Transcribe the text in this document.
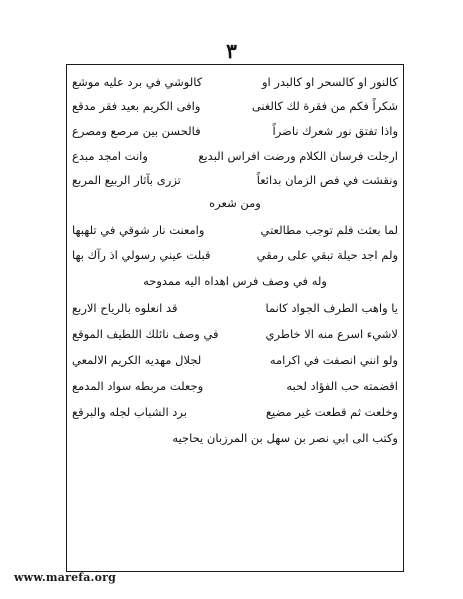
٣
كالنور او كالسحر او كالبدر او
كالوشي في برد عليه موشع
شكراً فكم من فقرة لك كالغنى
وافى الكريم بعيد فقر مدقع
واذا تفتق نور شعرك ناضراً
فالحسن بين مرصع ومصرع
ارجلت فرسان الكلام ورضت افراس البديع
وانت امجد مبدع
ونقشت في فص الزمان بدائعاً
تزرى بآثار الربيع المربع
ومن شعره
لما بعثت فلم توجب مطالعتي
وامعنت نار شوقي في تلهبها
ولم اجد حيلة تبقي على رمقي
قبلت عيني رسولي اذ رآك بها
وله في وصف فرس اهداه اليه ممدوحه
يا واهب الطرف الجواد كانما
قد انعلوه بالرياح الاربع
لاشيء اسرع منه الا خاطري
في وصف نائلك اللطيف الموقع
ولو انني انصفت في اكرامه
لجلال مهديه الكريم الالمعي
اقضمته حب الفؤاد لحبه
وجعلت مربطه سواد المدمع
وخلعت ثم قطعت غير مضيع
برد الشباب لجله والبرقع
وكتب الى ابي نصر بن سهل بن المرزبان يحاجيه
www.marefa.org
